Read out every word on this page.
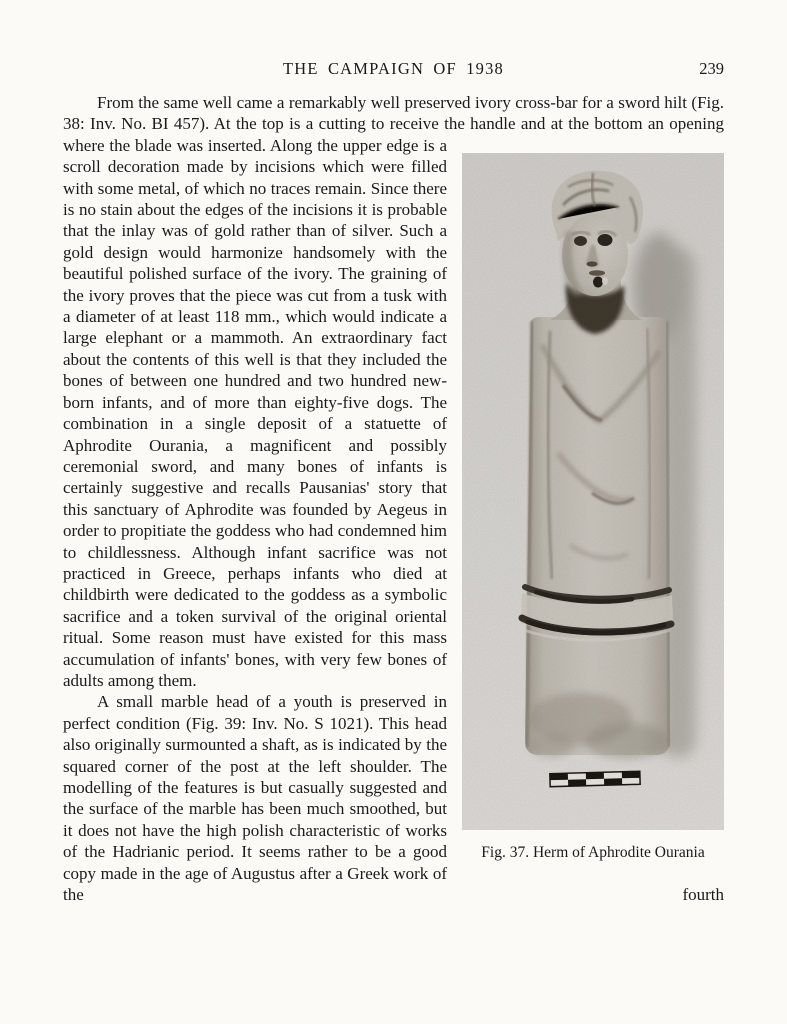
THE CAMPAIGN OF 1938	239
From the same well came a remarkably well preserved ivory cross-bar for a sword hilt (Fig. 38: Inv. No. BI 457). At the top is a cutting to receive the handle and at the bottom an opening where the blade was inserted. Along the upper edge
Fig. 37. Herm of Aphrodite Ourania
is a scroll decoration made by incisions which were filled with some metal, of which no traces remain. Since there is no stain about the edges of the incisions it is probable that the inlay was of gold rather than of silver. Such a gold design would harmonize handsomely with the beautiful polished surface of the ivory. The graining of the ivory proves that the piece was cut from a tusk with a diameter of at least 118 mm., which would indicate a large elephant or a mammoth. An extraordinary fact about the contents of this well is that they included the bones of between one hundred and two hundred new-born infants, and of more than eighty-five dogs. The combination in a single deposit of a statuette of Aphrodite Ourania, a magnificent and possibly ceremonial sword, and many bones of infants is certainly suggestive and recalls Pausanias' story that this sanctuary of Aphrodite was founded by Aegeus in order to propitiate the goddess who had condemned him to childlessness. Although infant sacrifice was not practiced in Greece, perhaps infants who died at childbirth were dedicated to the goddess as a symbolic sacrifice and a token survival of the original oriental ritual. Some reason must have existed for this mass accumulation of infants' bones, with very few bones of adults among them.
A small marble head of a youth is preserved in perfect condition (Fig. 39: Inv. No. S 1021). This head also originally surmounted a shaft, as is indicated by the squared corner of the post at the left shoulder. The modelling of the features is but casually suggested and the surface of the marble has been much smoothed, but it does not have the high polish characteristic of works of the Hadrianic period. It seems rather to be a good copy made in the age of Augustus after a Greek work of the fourth
